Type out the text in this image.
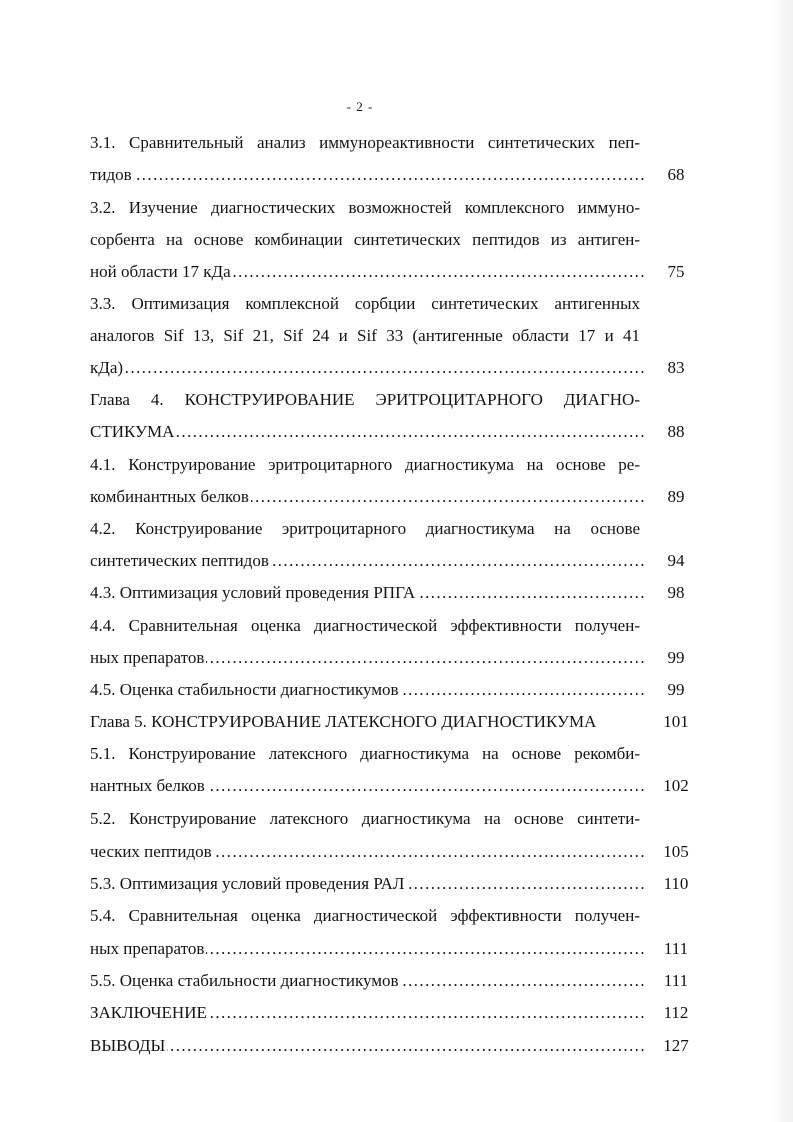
- 2 -
3.1. Сравнительный анализ иммунореактивности синтетических пеп-
тидов …………………………………………………………………………………………………………………………………………………………………………………………	68
3.2. Изучение диагностических возможностей комплексного иммуно-
сорбента на основе комбинации синтетических пептидов из антиген-
ной области 17 кДа …………………………………………………………………………………………………………………………………………………………………………………………	75
3.3. Оптимизация комплексной сорбции синтетических антигенных
аналогов Sif 13, Sif 21, Sif 24 и Sif 33 (антигенные области 17 и 41
кДа) …………………………………………………………………………………………………………………………………………………………………………………………	83
Глава 4. КОНСТРУИРОВАНИЕ ЭРИТРОЦИТАРНОГО ДИАГНО-
СТИКУМА …………………………………………………………………………………………………………………………………………………………………………………………	88
4.1. Конструирование эритроцитарного диагностикума на основе ре-
комбинантных белков …………………………………………………………………………………………………………………………………………………………………………………………	89
4.2. Конструирование эритроцитарного диагностикума на основе
синтетических пептидов …………………………………………………………………………………………………………………………………………………………………………………………	94
4.3. Оптимизация условий проведения РПГА …………………………………………………………………………………………………………………………………………………………………………………………	98
4.4. Сравнительная оценка диагностической эффективности получен-
ных препаратов …………………………………………………………………………………………………………………………………………………………………………………………	99
4.5. Оценка стабильности диагностикумов …………………………………………………………………………………………………………………………………………………………………………………………	99
Глава 5. КОНСТРУИРОВАНИЕ ЛАТЕКСНОГО ДИАГНОСТИКУМА	101
5.1. Конструирование латексного диагностикума на основе рекомби-
нантных белков …………………………………………………………………………………………………………………………………………………………………………………………	102
5.2. Конструирование латексного диагностикума на основе синтети-
ческих пептидов …………………………………………………………………………………………………………………………………………………………………………………………	105
5.3. Оптимизация условий проведения РАЛ …………………………………………………………………………………………………………………………………………………………………………………………	110
5.4. Сравнительная оценка диагностической эффективности получен-
ных препаратов …………………………………………………………………………………………………………………………………………………………………………………………	111
5.5. Оценка стабильности диагностикумов …………………………………………………………………………………………………………………………………………………………………………………………	111
ЗАКЛЮЧЕНИЕ …………………………………………………………………………………………………………………………………………………………………………………………	112
ВЫВОДЫ …………………………………………………………………………………………………………………………………………………………………………………………	127
